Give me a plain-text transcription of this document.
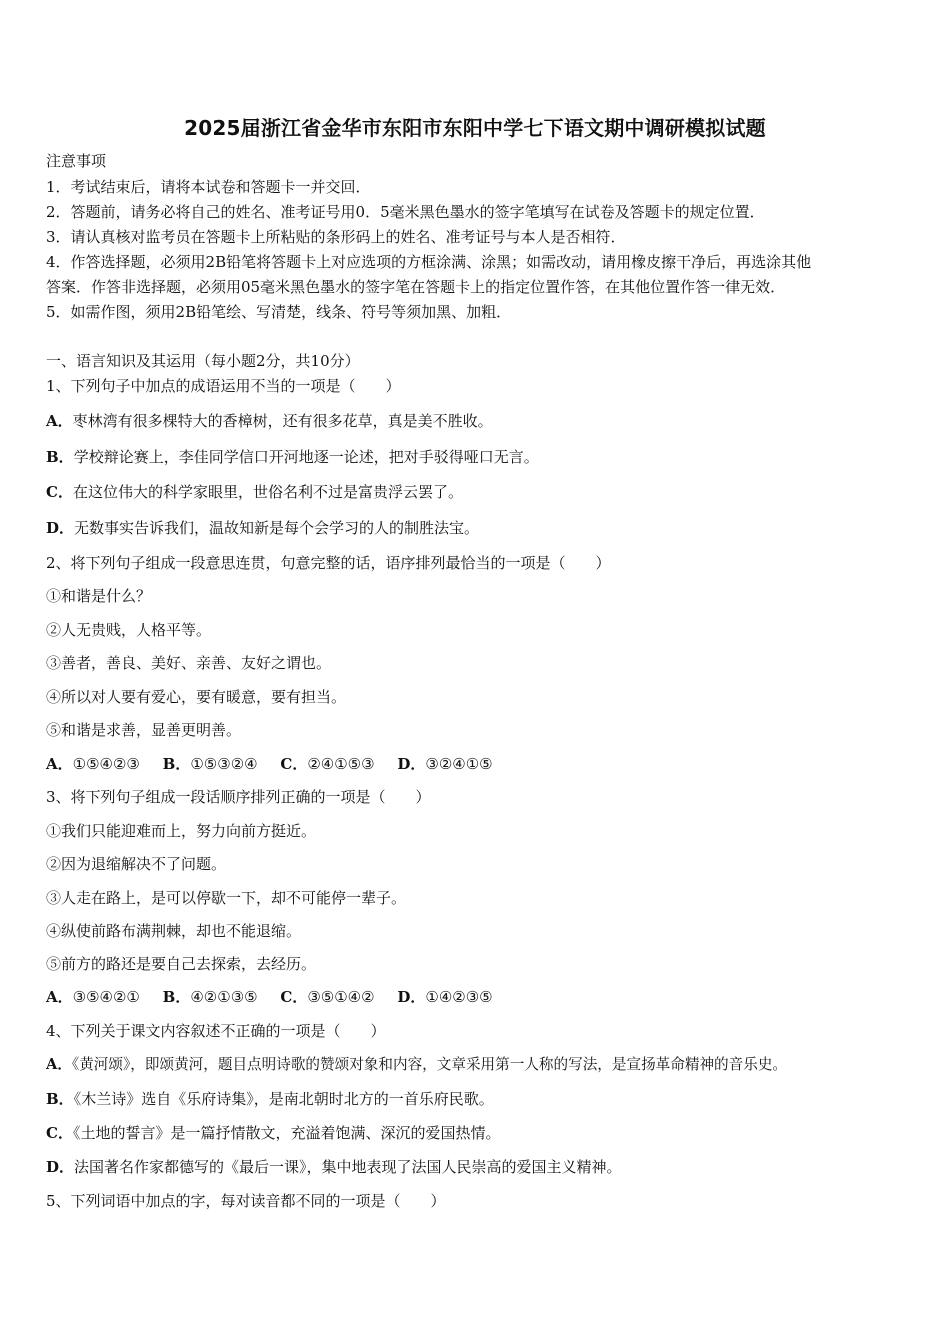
2025届浙江省金华市东阳市东阳中学七下语文期中调研模拟试题
注意事项
1．考试结束后，请将本试卷和答题卡一并交回．
2．答题前，请务必将自己的姓名、准考证号用0．5毫米黑色墨水的签字笔填写在试卷及答题卡的规定位置．
3．请认真核对监考员在答题卡上所粘贴的条形码上的姓名、准考证号与本人是否相符．
4．作答选择题，必须用2B铅笔将答题卡上对应选项的方框涂满、涂黑；如需改动，请用橡皮擦干净后，再选涂其他
答案．作答非选择题，必须用05毫米黑色墨水的签字笔在答题卡上的指定位置作答，在其他位置作答一律无效．
5．如需作图，须用2B铅笔绘、写清楚，线条、符号等须加黑、加粗．
一、语言知识及其运用（每小题2分，共10分）
1、下列句子中加点的成语运用不当的一项是（　　）
A．枣林湾有很多棵特大的香樟树，还有很多花草，真是美不胜收。
B．学校辩论赛上，李佳同学信口开河地逐一论述，把对手驳得哑口无言。
C．在这位伟大的科学家眼里，世俗名利不过是富贵浮云罢了。
D．无数事实告诉我们，温故知新是每个会学习的人的制胜法宝。
2、将下列句子组成一段意思连贯，句意完整的话，语序排列最恰当的一项是（　　）
①和谐是什么？
②人无贵贱，人格平等。
③善者，善良、美好、亲善、友好之谓也。
④所以对人要有爱心，要有暖意，要有担当。
⑤和谐是求善，显善更明善。
A．①⑤④②③ B．①⑤③②④ C．②④①⑤③ D．③②④①⑤
3、将下列句子组成一段话顺序排列正确的一项是（　　）
①我们只能迎难而上，努力向前方挺近。
②因为退缩解决不了问题。
③人走在路上，是可以停歇一下，却不可能停一辈子。
④纵使前路布满荆棘，却也不能退缩。
⑤前方的路还是要自己去探索，去经历。
A．③⑤④②① B．④②①③⑤ C．③⑤①④② D．①④②③⑤
4、下列关于课文内容叙述不正确的一项是（　　）
A．《黄河颂》，即颂黄河，题目点明诗歌的赞颂对象和内容，文章采用第一人称的写法，是宣扬革命精神的音乐史。
B．《木兰诗》选自《乐府诗集》，是南北朝时北方的一首乐府民歌。
C．《土地的誓言》是一篇抒情散文，充溢着饱满、深沉的爱国热情。
D．法国著名作家都德写的《最后一课》，集中地表现了法国人民崇高的爱国主义精神。
5、下列词语中加点的字，每对读音都不同的一项是（　　）
